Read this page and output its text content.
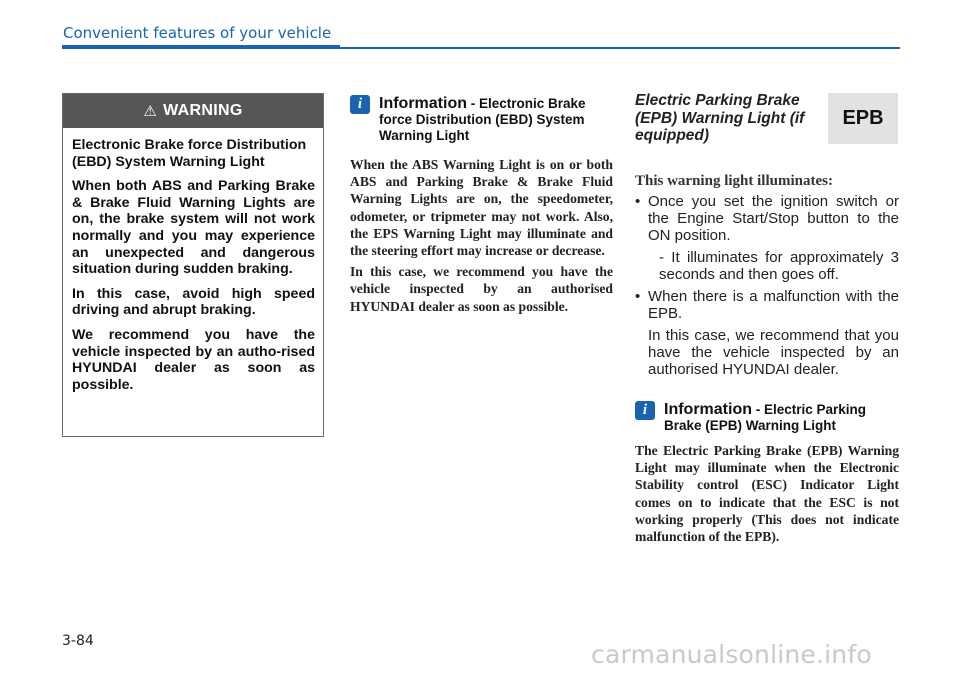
Convenient features of your vehicle
⚠ WARNING

Electronic Brake force Distribution (EBD) System Warning Light

When both ABS and Parking Brake & Brake Fluid Warning Lights are on, the brake system will not work normally and you may experience an unexpected and dangerous situation during sudden braking.

In this case, avoid high speed driving and abrupt braking.

We recommend you have the vehicle inspected by an autho-rised HYUNDAI dealer as soon as possible.

i	Information - Electronic Brake force Distribution (EBD) System Warning Light

When the ABS Warning Light is on or both ABS and Parking Brake & Brake Fluid Warning Lights are on, the speedometer, odometer, or tripmeter may not work. Also, the EPS Warning Light may illuminate and the steering effort may increase or decrease.

In this case, we recommend you have the vehicle inspected by an authorised HYUNDAI dealer as soon as possible.

Electric Parking Brake (EPB) Warning Light (if equipped)
EPB
This warning light illuminates:
• Once you set the ignition switch or the Engine Start/Stop button to the ON position.
- It illuminates for approximately 3 seconds and then goes off.
• When there is a malfunction with the EPB.
In this case, we recommend that you have the vehicle inspected by an authorised HYUNDAI dealer.
i	Information - Electric Parking Brake (EPB) Warning Light

The Electric Parking Brake (EPB) Warning Light may illuminate when the Electronic Stability control (ESC) Indicator Light comes on to indicate that the ESC is not working properly (This does not indicate malfunction of the EPB).

3-84	carmanualsonline.info
